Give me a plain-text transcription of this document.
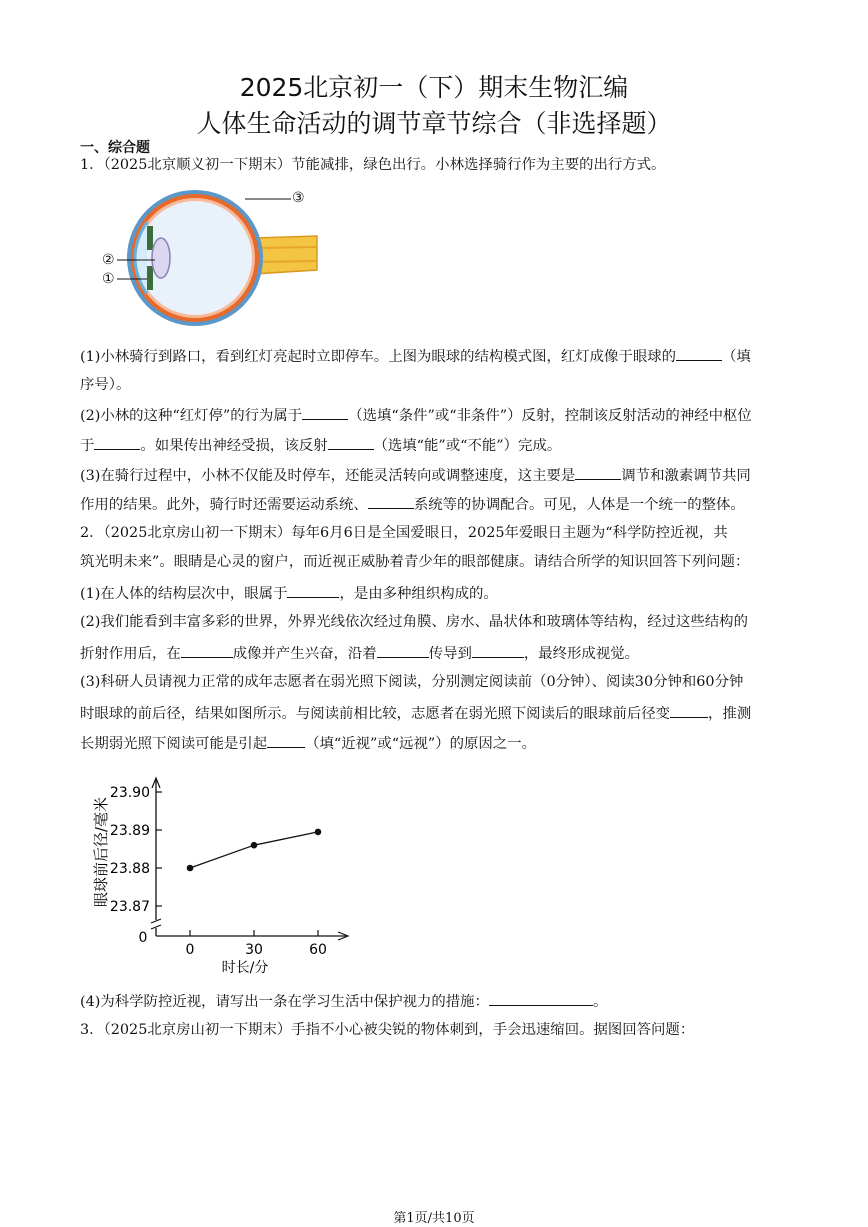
2025北京初一（下）期末生物汇编
人体生命活动的调节章节综合（非选择题）
一、综合题
1．（2025北京顺义初一下期末）节能减排，绿色出行。小林选择骑行作为主要的出行方式。
②
①
③
(1)小林骑行到路口，看到红灯亮起时立即停车。上图为眼球的结构模式图，红灯成像于眼球的	（填
序号）。
(2)小林的这种“红灯停”的行为属于	（选填“条件”或“非条件”）反射，控制该反射活动的神经中枢位
于	。如果传出神经受损，该反射	（选填“能”或“不能”）完成。
(3)在骑行过程中，小林不仅能及时停车，还能灵活转向或调整速度，这主要是	调节和激素调节共同
作用的结果。此外，骑行时还需要运动系统、	系统等的协调配合。可见，人体是一个统一的整体。
2．（2025北京房山初一下期末）每年6月6日是全国爱眼日，2025年爱眼日主题为“科学防控近视，共
筑光明未来”。眼睛是心灵的窗户，而近视正威胁着青少年的眼部健康。请结合所学的知识回答下列问题：
(1)在人体的结构层次中，眼属于	，是由多种组织构成的。
(2)我们能看到丰富多彩的世界，外界光线依次经过角膜、房水、晶状体和玻璃体等结构，经过这些结构的
折射作用后，在	成像并产生兴奋，沿着	传导到	，最终形成视觉。
(3)科研人员请视力正常的成年志愿者在弱光照下阅读，分别测定阅读前（0分钟）、阅读30分钟和60分钟
时眼球的前后径，结果如图所示。与阅读前相比较，志愿者在弱光照下阅读后的眼球前后径变	，推测
长期弱光照下阅读可能是引起	（填“近视”或“远视”）的原因之一。
23.87
23.88
23.89
23.90
0	30	60
眼球前后径/毫米
时长/分
0
(4)为科学防控近视，请写出一条在学习生活中保护视力的措施：	。
3．（2025北京房山初一下期末）手指不小心被尖锐的物体刺到，手会迅速缩回。据图回答问题：
第1页/共10页
